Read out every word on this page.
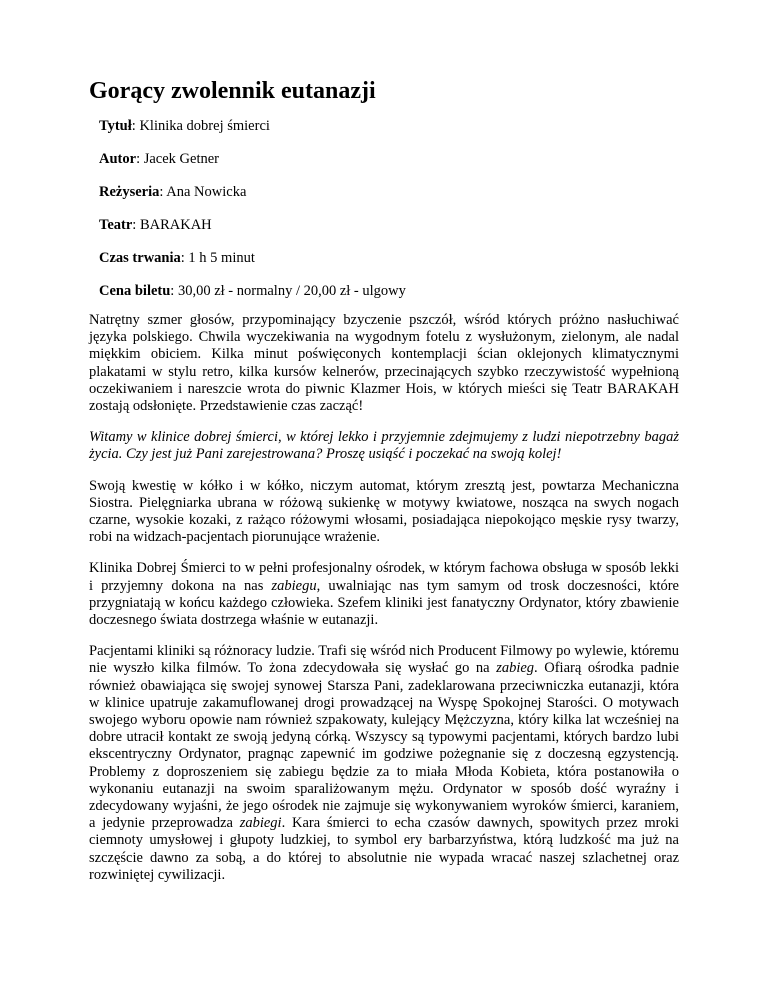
Gorący zwolennik eutanazji
Tytuł: Klinika dobrej śmierci
Autor: Jacek Getner
Reżyseria: Ana Nowicka
Teatr: BARAKAH
Czas trwania: 1 h 5 minut
Cena biletu: 30,00 zł - normalny / 20,00 zł - ulgowy

Natrętny szmer głosów, przypominający bzyczenie pszczół, wśród których próżno nasłuchiwać języka polskiego. Chwila wyczekiwania na wygodnym fotelu z wysłużonym, zielonym, ale nadal miękkim obiciem. Kilka minut poświęconych kontemplacji ścian oklejonych klimatycznymi plakatami w stylu retro, kilka kursów kelnerów, przecinających szybko rzeczywistość wypełnioną oczekiwaniem i nareszcie wrota do piwnic Klazmer Hois, w których mieści się Teatr BARAKAH zostają odsłonięte. Przedstawienie czas zacząć!

Witamy w klinice dobrej śmierci, w której lekko i przyjemnie zdejmujemy z ludzi niepotrzebny bagaż życia. Czy jest już Pani zarejestrowana? Proszę usiąść i poczekać na swoją kolej!

Swoją kwestię w kółko i w kółko, niczym automat, którym zresztą jest, powtarza Mechaniczna Siostra. Pielęgniarka ubrana w różową sukienkę w motywy kwiatowe, nosząca na swych nogach czarne, wysokie kozaki, z rażąco różowymi włosami, posiadająca niepokojąco męskie rysy twarzy, robi na widzach-pacjentach piorunujące wrażenie.

Klinika Dobrej Śmierci to w pełni profesjonalny ośrodek, w którym fachowa obsługa w sposób lekki i przyjemny dokona na nas zabiegu, uwalniając nas tym samym od trosk doczesności, które przygniatają w końcu każdego człowieka. Szefem kliniki jest fanatyczny Ordynator, który zbawienie doczesnego świata dostrzega właśnie w eutanazji.

Pacjentami kliniki są różnoracy ludzie. Trafi się wśród nich Producent Filmowy po wylewie, któremu nie wyszło kilka filmów. To żona zdecydowała się wysłać go na zabieg. Ofiarą ośrodka padnie również obawiająca się swojej synowej Starsza Pani, zadeklarowana przeciwniczka eutanazji, która w klinice upatruje zakamuflowanej drogi prowadzącej na Wyspę Spokojnej Starości. O motywach swojego wyboru opowie nam również szpakowaty, kulejący Mężczyzna, który kilka lat wcześniej na dobre utracił kontakt ze swoją jedyną córką. Wszyscy są typowymi pacjentami, których bardzo lubi ekscentryczny Ordynator, pragnąc zapewnić im godziwe pożegnanie się z doczesną egzystencją. Problemy z doproszeniem się zabiegu będzie za to miała Młoda Kobieta, która postanowiła o wykonaniu eutanazji na swoim sparaliżowanym mężu. Ordynator w sposób dość wyraźny i zdecydowany wyjaśni, że jego ośrodek nie zajmuje się wykonywaniem wyroków śmierci, karaniem, a jedynie przeprowadza zabiegi. Kara śmierci to echa czasów dawnych, spowitych przez mroki ciemnoty umysłowej i głupoty ludzkiej, to symbol ery barbarzyństwa, którą ludzkość ma już na szczęście dawno za sobą, a do której to absolutnie nie wypada wracać naszej szlachetnej oraz rozwiniętej cywilizacji.
